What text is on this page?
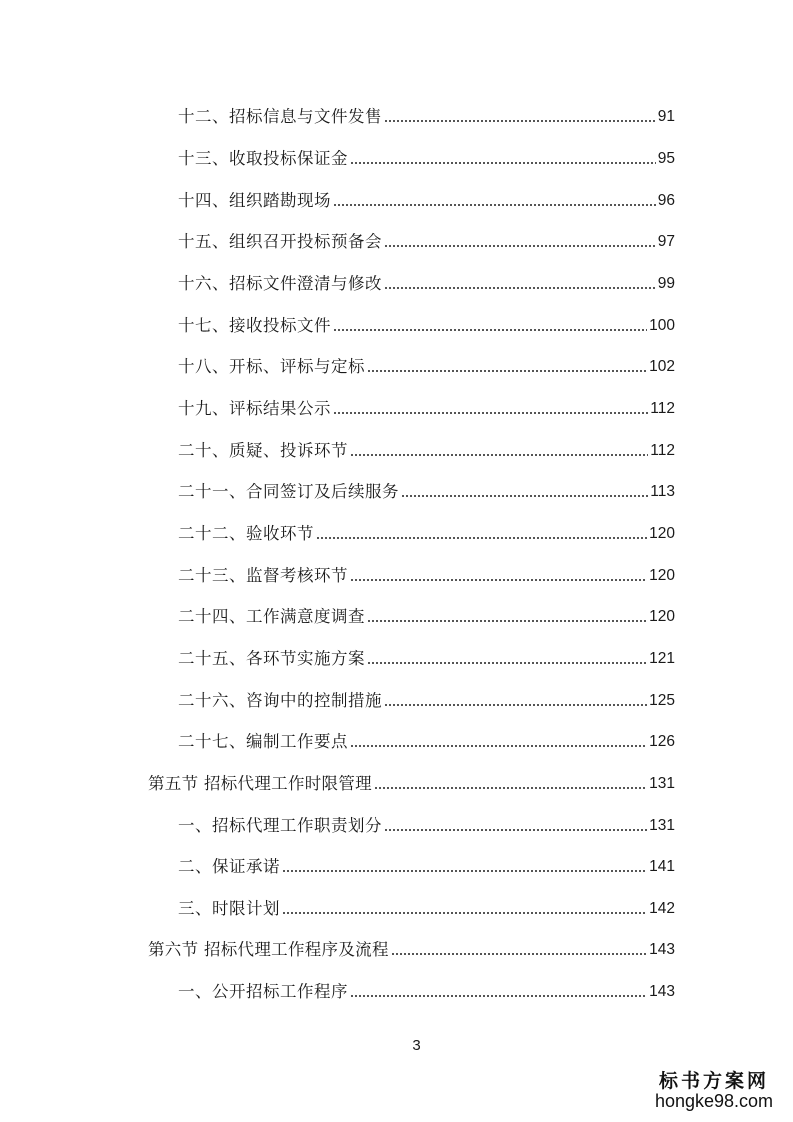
十二、招标信息与文件发售	91
十三、收取投标保证金	95
十四、组织踏勘现场	96
十五、组织召开投标预备会	97
十六、招标文件澄清与修改	99
十七、接收投标文件	100
十八、开标、评标与定标	102
十九、评标结果公示	112
二十、质疑、投诉环节	112
二十一、合同签订及后续服务	113
二十二、验收环节	120
二十三、监督考核环节	120
二十四、工作满意度调查	120
二十五、各环节实施方案	121
二十六、咨询中的控制措施	125
二十七、编制工作要点	126
第五节 招标代理工作时限管理	131
一、招标代理工作职责划分	131
二、保证承诺	141
三、时限计划	142
第六节 招标代理工作程序及流程	143
一、公开招标工作程序	143
3
标书方案网
hongke98.com
